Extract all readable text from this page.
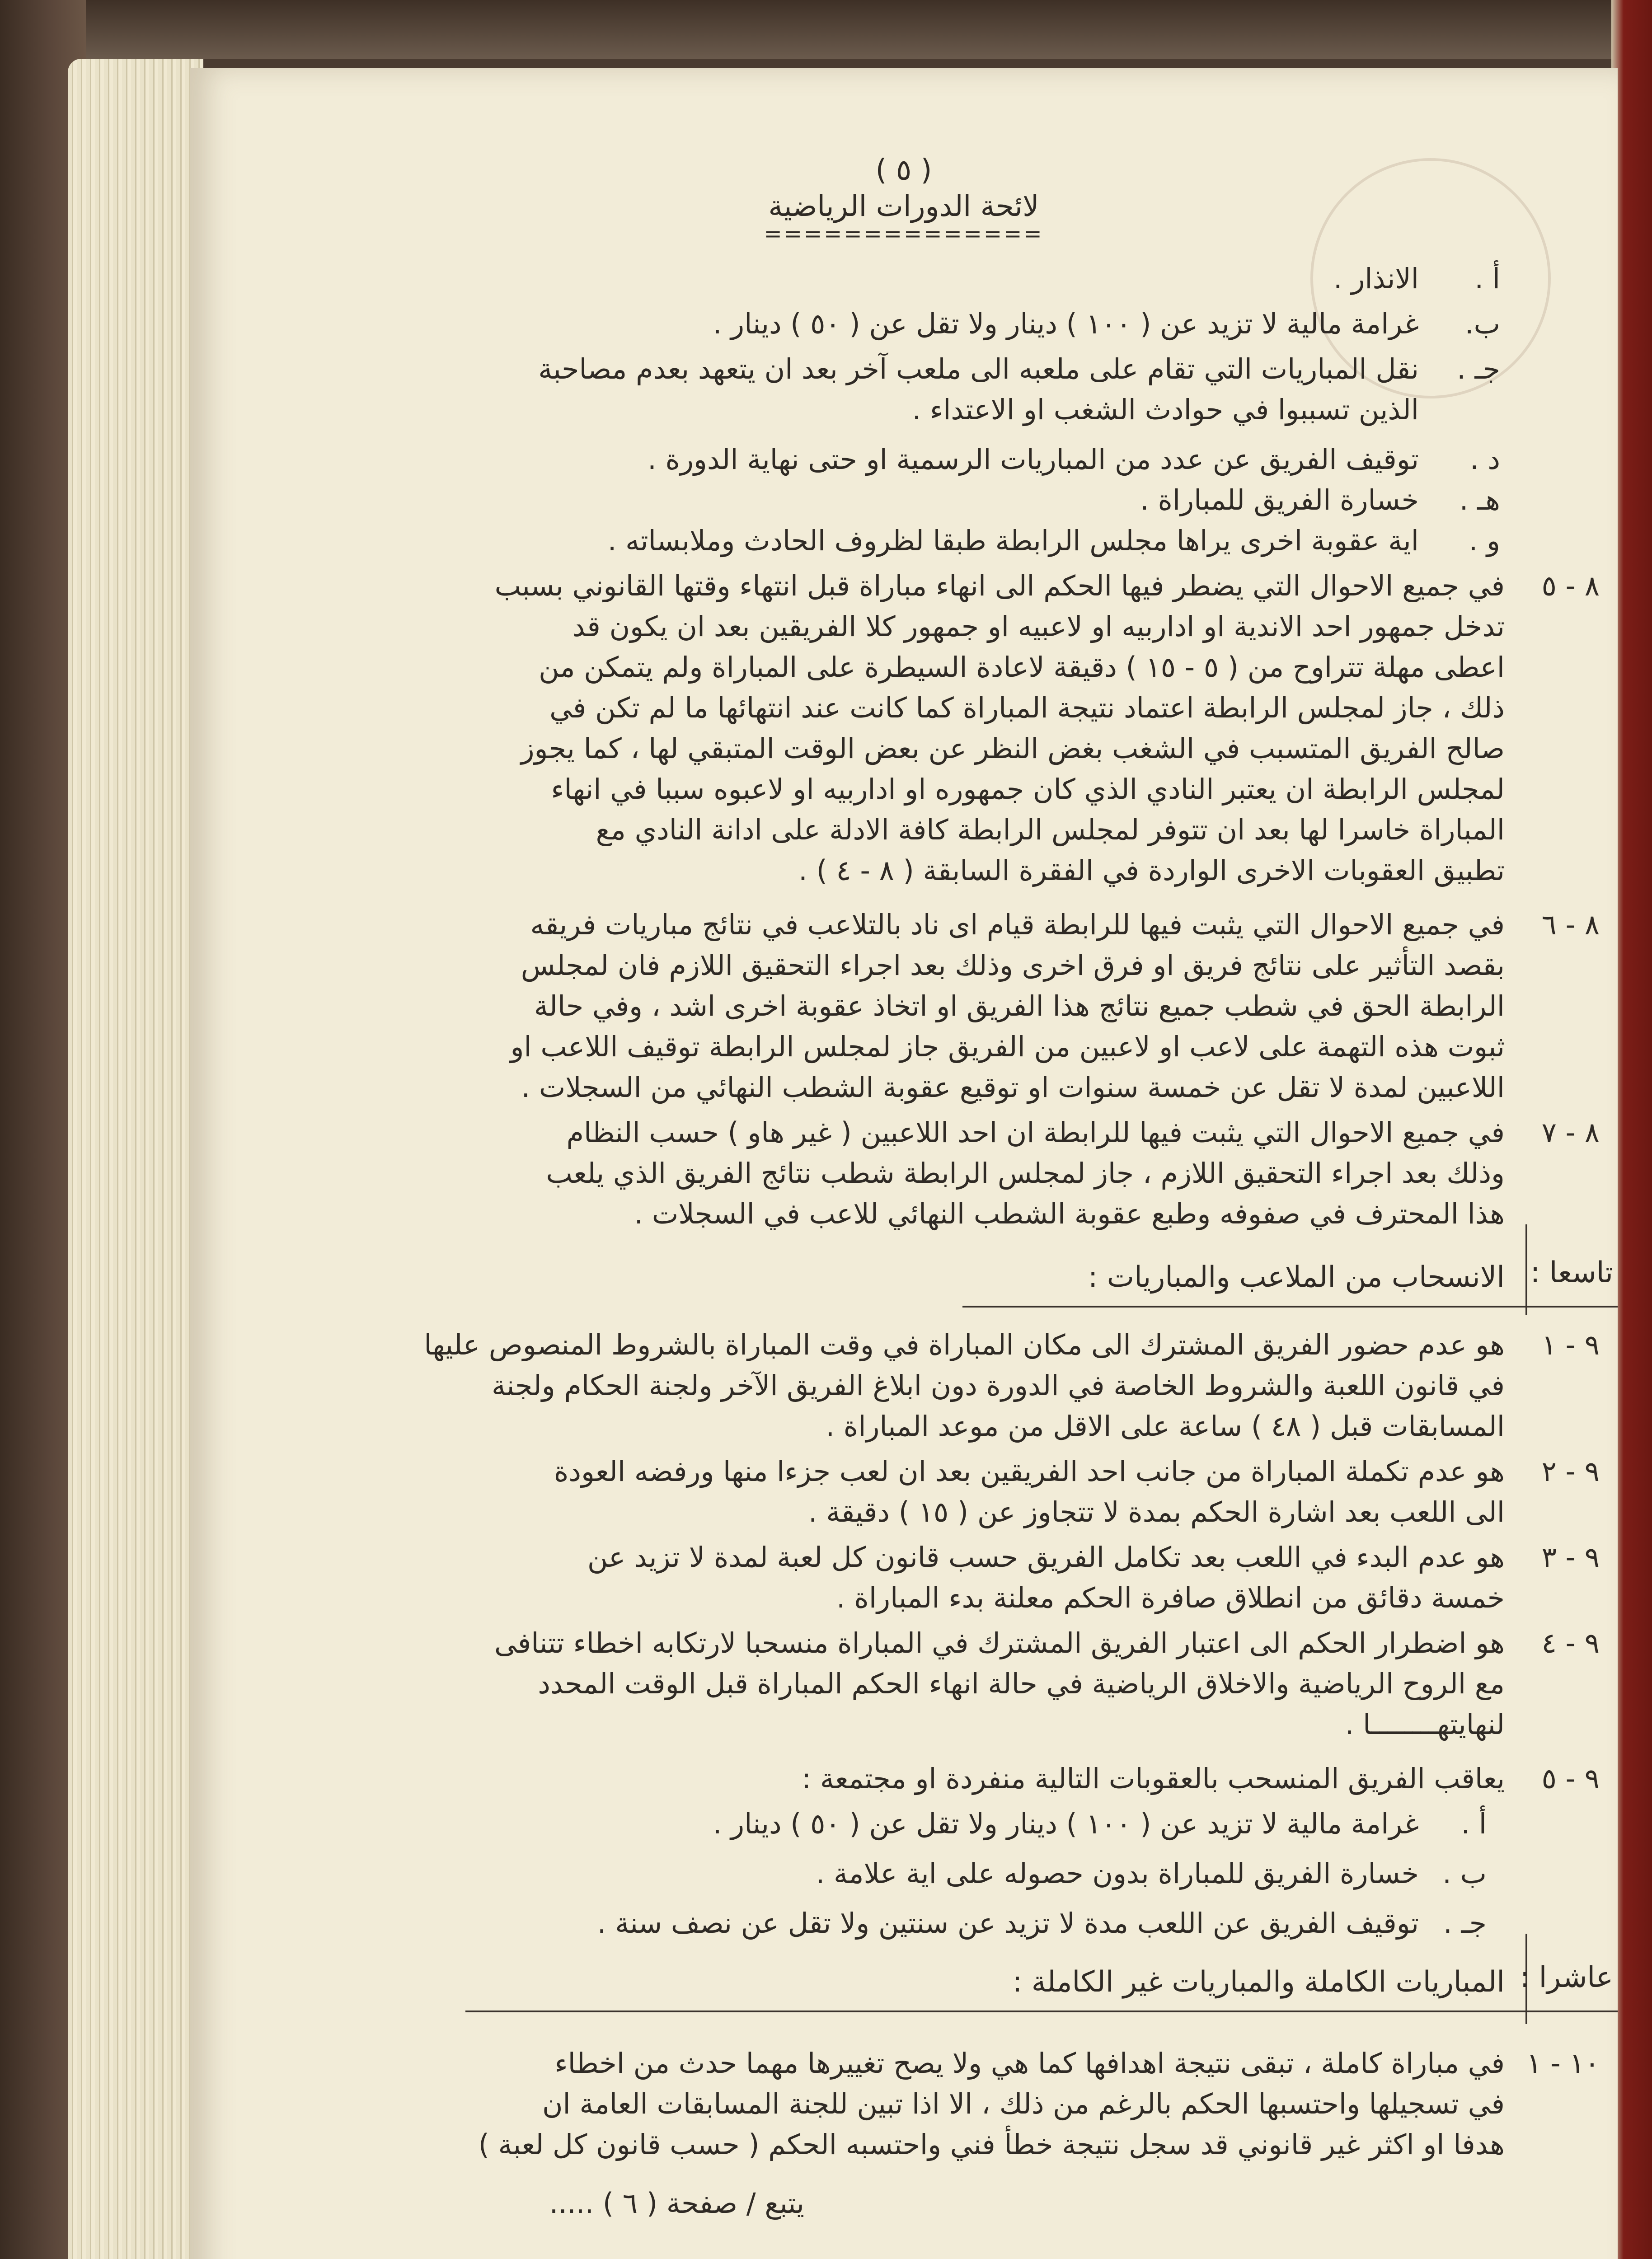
( ٥ )
لائحة الدورات الرياضية
==============
أ .
الانذار .
ب.
غرامة مالية لا تزيد عن ( ١٠٠ ) دينار ولا تقل عن ( ٥٠ ) دينار .
جـ .
نقل المباريات التي تقام على ملعبه الى ملعب آخر بعد ان يتعهد بعدم مصاحبة
الذين تسببوا في حوادث الشغب او الاعتداء .
د .
توقيف الفريق عن عدد من المباريات الرسمية او حتى نهاية الدورة .
هـ .
خسارة الفريق للمباراة .
و .
اية عقوبة اخرى يراها مجلس الرابطة طبقا لظروف الحادث وملابساته .
٨ - ٥
في جميع الاحوال التي يضطر فيها الحكم الى انهاء مباراة قبل انتهاء وقتها القانوني بسبب
تدخل جمهور احد الاندية او اداربيه او لاعبيه او جمهور كلا الفريقين بعد ان يكون قد
اعطى مهلة تتراوح من ( ٥ - ١٥ ) دقيقة لاعادة السيطرة على المباراة ولم يتمكن من
ذلك ، جاز لمجلس الرابطة اعتماد نتيجة المباراة كما كانت عند انتهائها ما لم تكن في
صالح الفريق المتسبب في الشغب بغض النظر عن بعض الوقت المتبقي لها ، كما يجوز
لمجلس الرابطة ان يعتبر النادي الذي كان جمهوره او اداربيه او لاعبوه سببا في انهاء
المباراة خاسرا لها بعد ان تتوفر لمجلس الرابطة كافة الادلة على ادانة النادي مع
تطبيق العقوبات الاخرى الواردة في الفقرة السابقة ( ٨ - ٤ ) .
٨ - ٦
في جميع الاحوال التي يثبت فيها للرابطة قيام اى ناد بالتلاعب في نتائج مباريات فريقه
بقصد التأثير على نتائج فريق او فرق اخرى وذلك بعد اجراء التحقيق اللازم فان لمجلس
الرابطة الحق في شطب جميع نتائج هذا الفريق او اتخاذ عقوبة اخرى اشد ، وفي حالة
ثبوت هذه التهمة على لاعب او لاعبين من الفريق جاز لمجلس الرابطة توقيف اللاعب او
اللاعبين لمدة لا تقل عن خمسة سنوات او توقيع عقوبة الشطب النهائي من السجلات .
٨ - ٧
في جميع الاحوال التي يثبت فيها للرابطة ان احد اللاعبين ( غير هاو ) حسب النظام
وذلك بعد اجراء التحقيق اللازم ، جاز لمجلس الرابطة شطب نتائج الفريق الذي يلعب
هذا المحترف في صفوفه وطبع عقوبة الشطب النهائي للاعب في السجلات .
تاسعا :
الانسحاب من الملاعب والمباريات :
٩ - ١
هو عدم حضور الفريق المشترك الى مكان المباراة في وقت المباراة بالشروط المنصوص عليها
في قانون اللعبة والشروط الخاصة في الدورة دون ابلاغ الفريق الآخر ولجنة الحكام ولجنة
المسابقات قبل ( ٤٨ ) ساعة على الاقل من موعد المباراة .
٩ - ٢
هو عدم تكملة المباراة من جانب احد الفريقين بعد ان لعب جزءا منها ورفضه العودة
الى اللعب بعد اشارة الحكم بمدة لا تتجاوز عن ( ١٥ ) دقيقة .
٩ - ٣
هو عدم البدء في اللعب بعد تكامل الفريق حسب قانون كل لعبة لمدة لا تزيد عن
خمسة دقائق من انطلاق صافرة الحكم معلنة بدء المباراة .
٩ - ٤
هو اضطرار الحكم الى اعتبار الفريق المشترك في المباراة منسحبا لارتكابه اخطاء تتنافى
مع الروح الرياضية والاخلاق الرياضية في حالة انهاء الحكم المباراة قبل الوقت المحدد
لنهايتهــــــــا .
٩ - ٥
يعاقب الفريق المنسحب بالعقوبات التالية منفردة او مجتمعة :
أ .
غرامة مالية لا تزيد عن ( ١٠٠ ) دينار ولا تقل عن ( ٥٠ ) دينار .
ب .
خسارة الفريق للمباراة بدون حصوله على اية علامة .
جـ .
توقيف الفريق عن اللعب مدة لا تزيد عن سنتين ولا تقل عن نصف سنة .
عاشرا :
المباريات الكاملة والمباريات غير الكاملة :
١٠ - ١
في مباراة كاملة ، تبقى نتيجة اهدافها كما هي ولا يصح تغييرها مهما حدث من اخطاء
في تسجيلها واحتسبها الحكم بالرغم من ذلك ، الا اذا تبين للجنة المسابقات العامة ان
هدفا او اكثر غير قانوني قد سجل نتيجة خطأ فني واحتسبه الحكم ( حسب قانون كل لعبة )
يتبع / صفحة ( ٦ ) .....
